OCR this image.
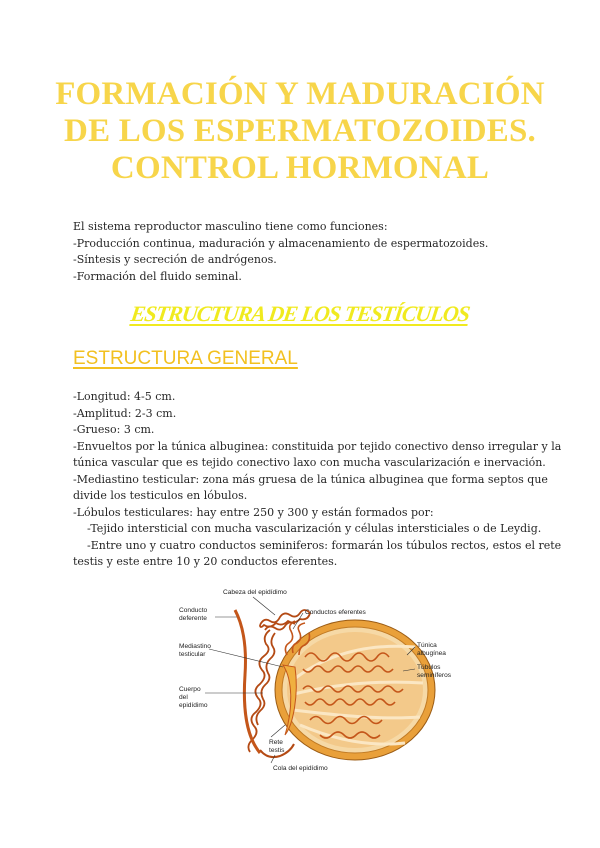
FORMACIÓN Y MADURACIÓN
DE LOS ESPERMATOZOIDES.
CONTROL HORMONAL
El sistema reproductor masculino tiene como funciones:
-Producción continua, maduración y almacenamiento de espermatozoides.
-Síntesis y secreción de andrógenos.
-Formación del fluido seminal.
ESTRUCTURA DE LOS TESTÍCULOS
ESTRUCTURA GENERAL
-Longitud: 4-5 cm.
-Amplitud: 2-3 cm.
-Grueso: 3 cm.
-Envueltos por la túnica albuginea: constituida por tejido conectivo denso irregular y la
túnica vascular que es tejido conectivo laxo con mucha vascularización e inervación.
-Mediastino testicular: zona más gruesa de la túnica albuginea que forma septos que
divide los testiculos en lóbulos.
-Lóbulos testiculares: hay entre 250 y 300 y están formados por:
-Tejido intersticial con mucha vascularización y células intersticiales o de Leydig.
-Entre uno y cuatro conductos seminiferos: formarán los túbulos rectos, estos el rete
testis y este entre 10 y 20 conductos eferentes.
Cabeza del epidídimo
Conducto
deferente
Conductos eferentes
Mediastino
testicular
Túnica
albugínea
Túbulos
seminíferos
Cuerpo
del
epidídimo
Rete
testis
Cola del epidídimo
